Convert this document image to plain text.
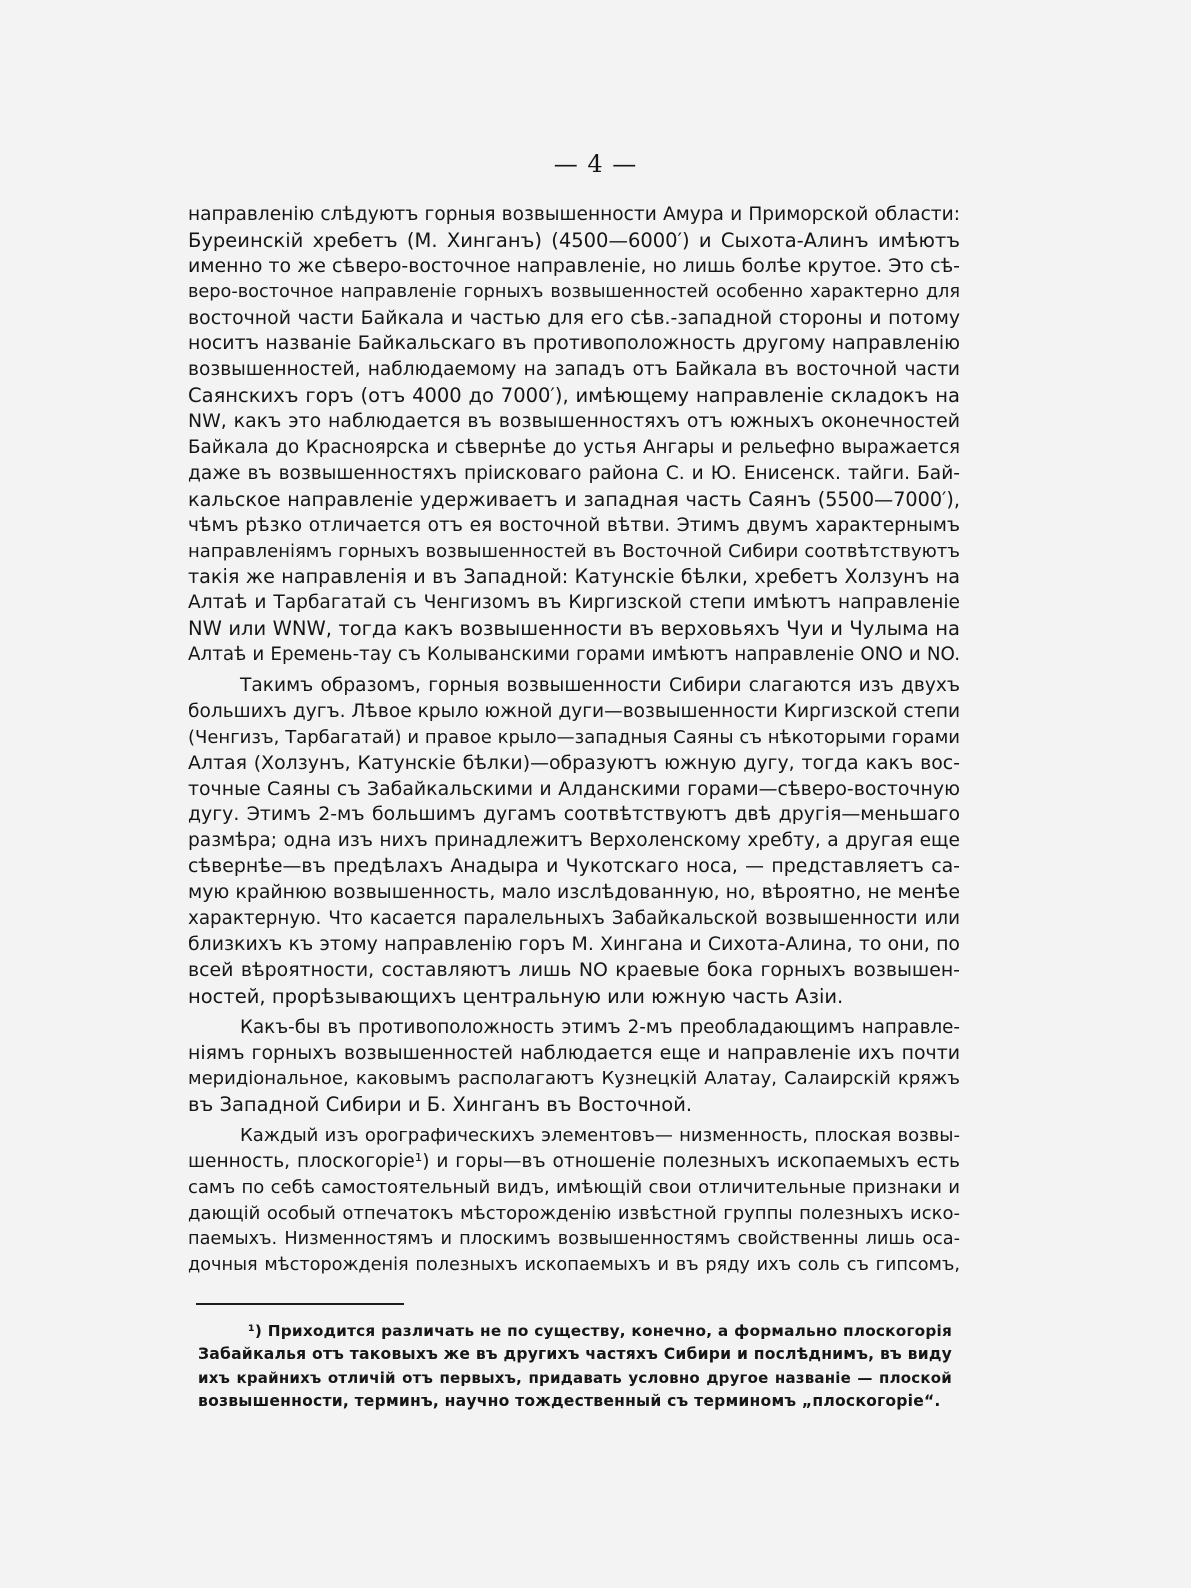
— 4 —
направленію слѣдуютъ горныя возвышенности Амура и Приморской области:
Буреинскій хребетъ (М. Хинганъ) (4500—6000′) и Сыхота-Алинъ имѣютъ
именно то же сѣверо-восточное направленіе, но лишь болѣе крутое. Это сѣ-
веро-восточное направленіе горныхъ возвышенностей особенно характерно для
восточной части Байкала и частью для его сѣв.-западной стороны и потому
носитъ названіе Байкальскаго въ противоположность другому направленію
возвышенностей, наблюдаемому на западъ отъ Байкала въ восточной части
Саянскихъ горъ (отъ 4000 до 7000′), имѣющему направленіе складокъ на
NW, какъ это наблюдается въ возвышенностяхъ отъ южныхъ оконечностей
Байкала до Красноярска и сѣвернѣе до устья Ангары и рельефно выражается
даже въ возвышенностяхъ пріисковаго района С. и Ю. Енисенск. тайги. Бай-
кальское направленіе удерживаетъ и западная часть Саянъ (5500—7000′),
чѣмъ рѣзко отличается отъ ея восточной вѣтви. Этимъ двумъ характернымъ
направленіямъ горныхъ возвышенностей въ Восточной Сибири соотвѣтствуютъ
такія же направленія и въ Западной: Катунскіе бѣлки, хребетъ Холзунъ на
Алтаѣ и Тарбагатай съ Ченгизомъ въ Киргизской степи имѣютъ направленіе
NW или WNW, тогда какъ возвышенности въ верховьяхъ Чуи и Чулыма на
Алтаѣ и Еремень-тау съ Колыванскими горами имѣютъ направленіе ONO и NO.
Такимъ образомъ, горныя возвышенности Сибири слагаются изъ двухъ
большихъ дугъ. Лѣвое крыло южной дуги—возвышенности Киргизской степи
(Ченгизъ, Тарбагатай) и правое крыло—западныя Саяны съ нѣкоторыми горами
Алтая (Холзунъ, Катунскіе бѣлки)—образуютъ южную дугу, тогда какъ вос-
точные Саяны съ Забайкальскими и Алданскими горами—сѣверо-восточную
дугу. Этимъ 2-мъ большимъ дугамъ соотвѣтствуютъ двѣ другія—меньшаго
размѣра; одна изъ нихъ принадлежитъ Верхоленскому хребту, а другая еще
сѣвернѣе—въ предѣлахъ Анадыра и Чукотскаго носа, — представляетъ са-
мую крайнюю возвышенность, мало изслѣдованную, но, вѣроятно, не менѣе
характерную. Что касается паралельныхъ Забайкальской возвышенности или
близкихъ къ этому направленію горъ М. Хингана и Сихота-Алина, то они, по
всей вѣроятности, составляютъ лишь NO краевые бока горныхъ возвышен-
ностей, прорѣзывающихъ центральную или южную часть Азіи.
Какъ-бы въ противоположность этимъ 2-мъ преобладающимъ направле-
ніямъ горныхъ возвышенностей наблюдается еще и направленіе ихъ почти
меридіональное, каковымъ располагаютъ Кузнецкій Алатау, Салаирскій кряжъ
въ Западной Сибири и Б. Хинганъ въ Восточной.
Каждый изъ орографическихъ элементовъ— низменность, плоская возвы-
шенность, плоскогоріе¹) и горы—въ отношеніе полезныхъ ископаемыхъ есть
самъ по себѣ самостоятельный видъ, имѣющій свои отличительные признаки и
дающій особый отпечатокъ мѣсторожденію извѣстной группы полезныхъ иско-
паемыхъ. Низменностямъ и плоскимъ возвышенностямъ свойственны лишь оса-
дочныя мѣсторожденія полезныхъ ископаемыхъ и въ ряду ихъ соль съ гипсомъ,
¹) Приходится различать не по существу, конечно, а формально плоскогорія
Забайкалья отъ таковыхъ же въ другихъ частяхъ Сибири и послѣднимъ, въ виду
ихъ крайнихъ отличій отъ первыхъ, придавать условно другое названіе — плоской
возвышенности, терминъ, научно тождественный съ терминомъ „плоскогоріе“.
